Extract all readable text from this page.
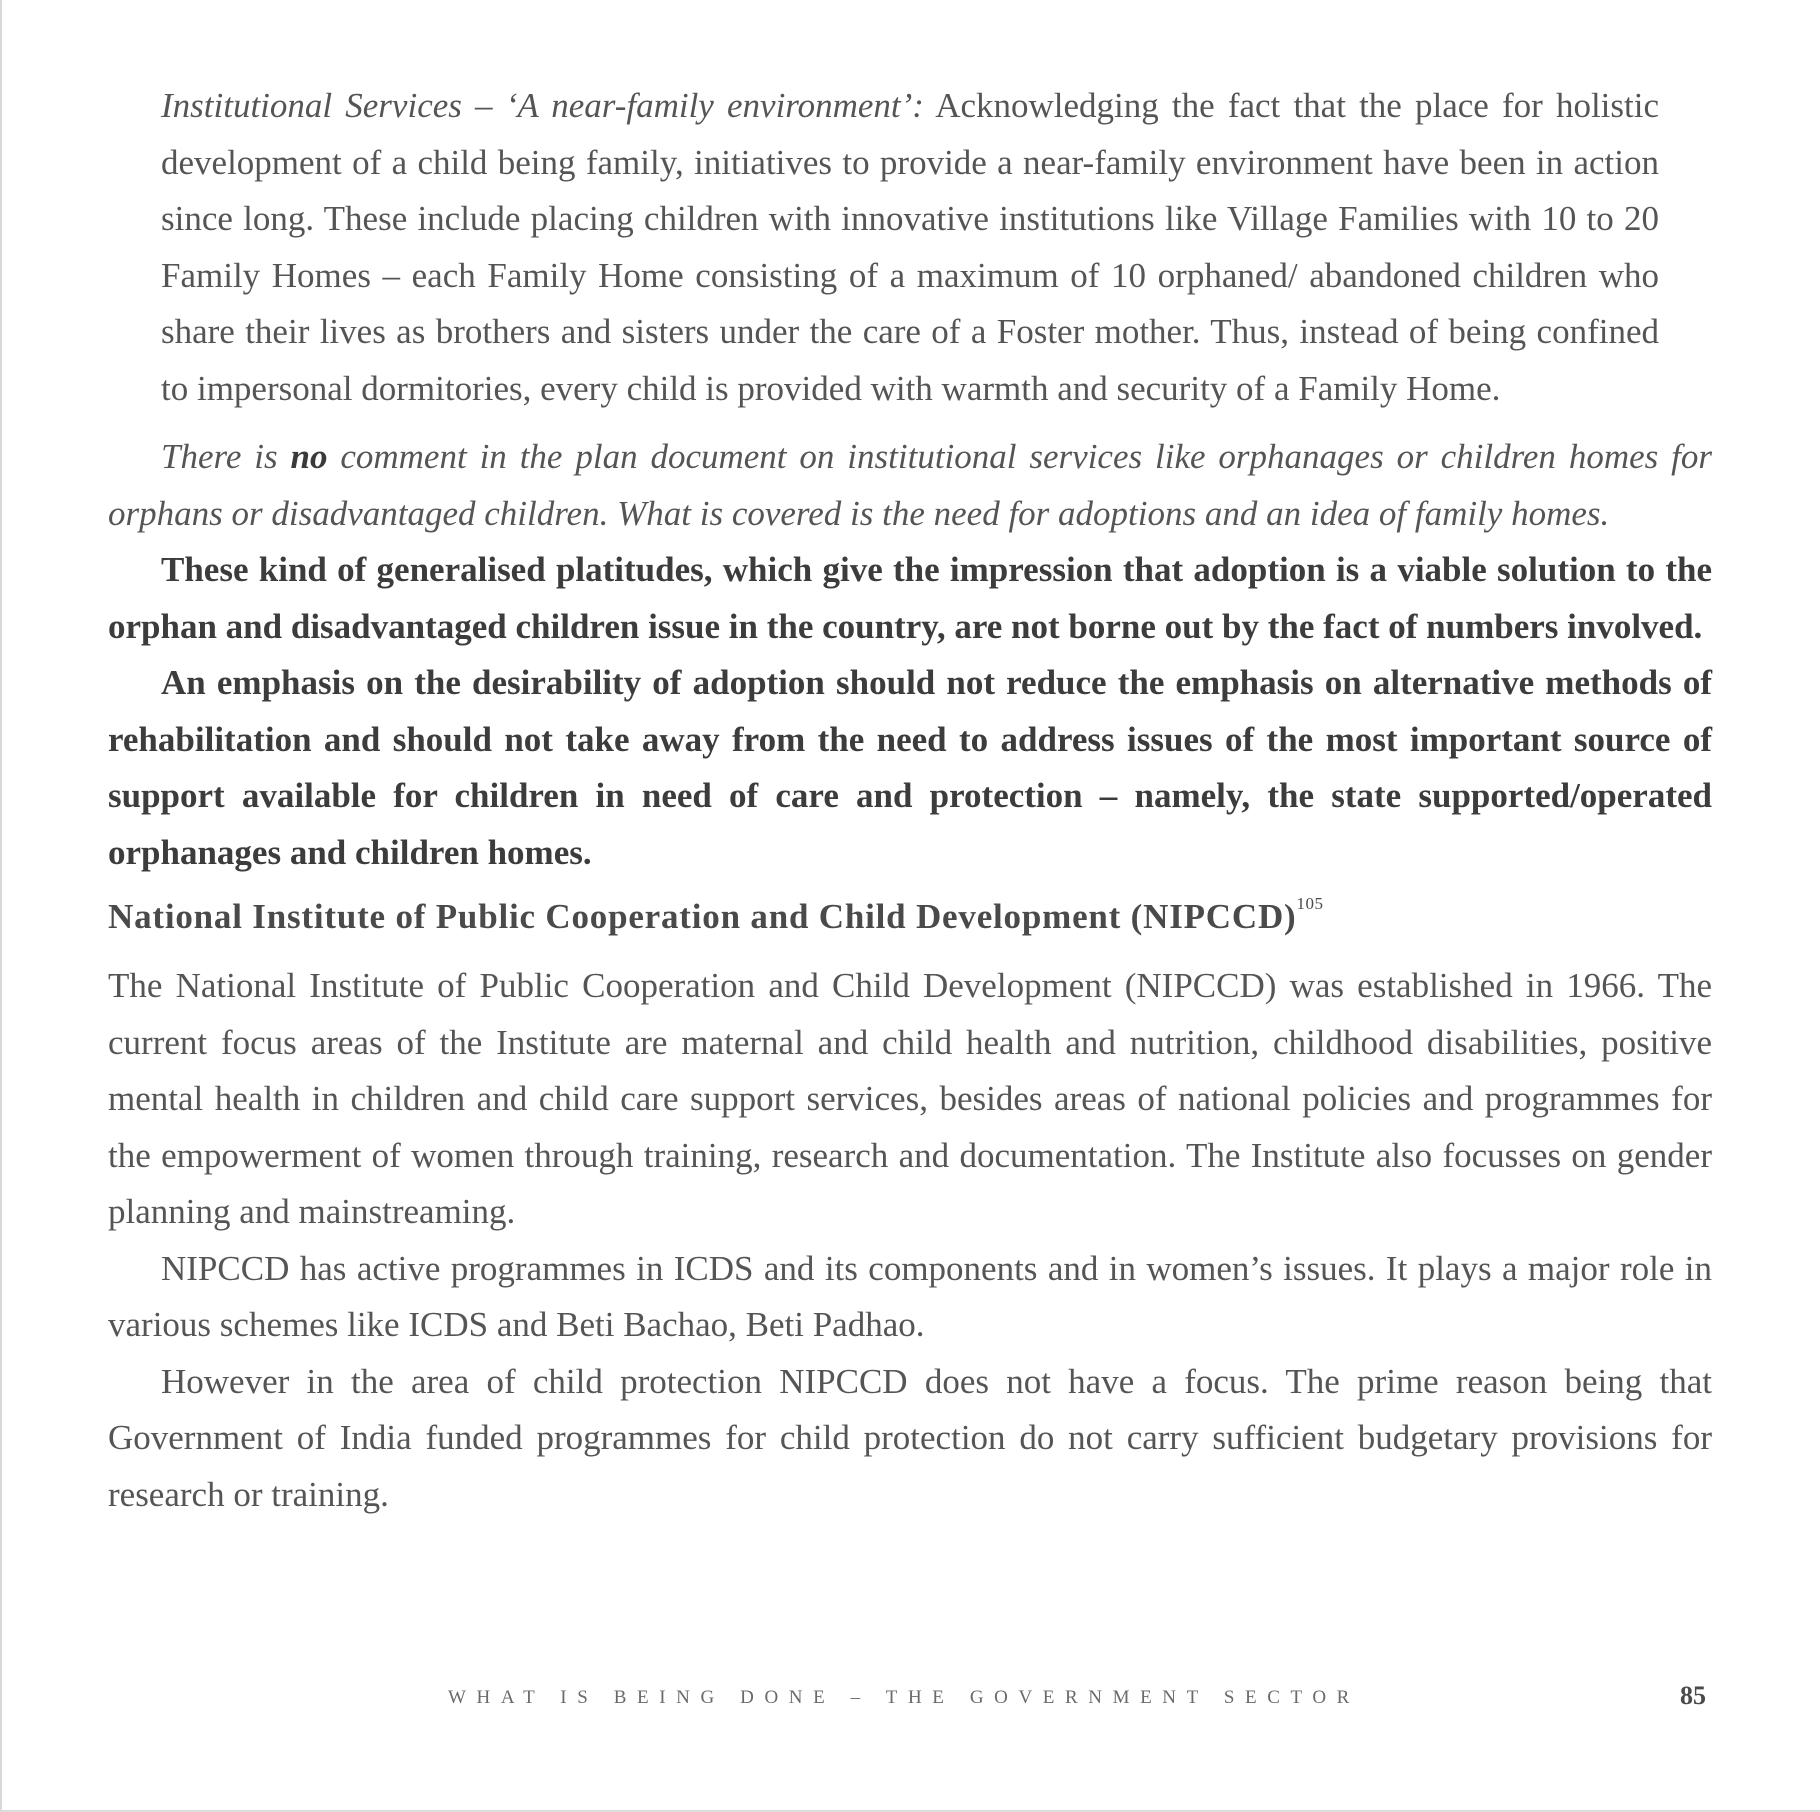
Institutional Services – ‘A near-family environment’: Acknowledging the fact that the place for holistic development of a child being family, initiatives to provide a near-family environment have been in action since long. These include placing children with innovative institutions like Village Families with 10 to 20 Family Homes – each Family Home consisting of a maximum of 10 orphaned/ abandoned children who share their lives as brothers and sisters under the care of a Foster mother. Thus, instead of being confined to impersonal dormitories, every child is provided with warmth and security of a Family Home.

There is no comment in the plan document on institutional services like orphanages or children homes for orphans or disadvantaged children. What is covered is the need for adoptions and an idea of family homes.

These kind of generalised platitudes, which give the impression that adoption is a viable solution to the orphan and disadvantaged children issue in the country, are not borne out by the fact of numbers involved.

An emphasis on the desirability of adoption should not reduce the emphasis on alternative methods of rehabilitation and should not take away from the need to address issues of the most important source of support available for children in need of care and protection – namely, the state supported/operated orphanages and children homes.

National Institute of Public Cooperation and Child Development (NIPCCD)$^{105}$

The National Institute of Public Cooperation and Child Development (NIPCCD) was established in 1966. The current focus areas of the Institute are maternal and child health and nutrition, childhood disabilities, positive mental health in children and child care support services, besides areas of national policies and programmes for the empowerment of women through training, research and documentation. The Institute also focusses on gender planning and mainstreaming.

NIPCCD has active programmes in ICDS and its components and in women’s issues. It plays a major role in various schemes like ICDS and Beti Bachao, Beti Padhao.

However in the area of child protection NIPCCD does not have a focus. The prime reason being that Government of India funded programmes for child protection do not carry sufficient budgetary provisions for research or training.

WHAT IS BEING DONE – THE GOVERNMENT SECTOR	85
